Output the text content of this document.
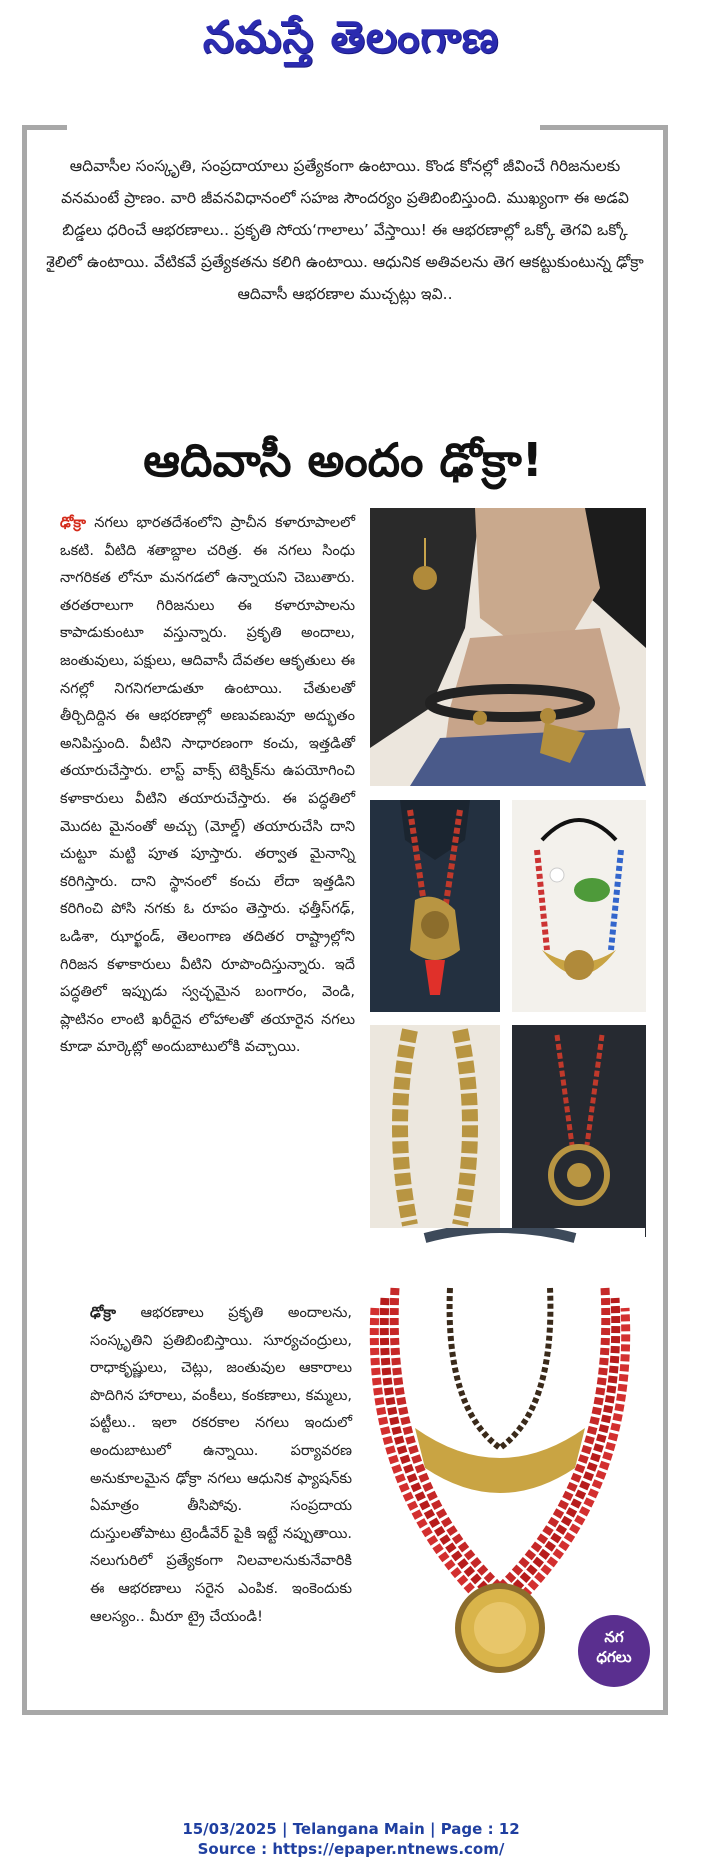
నమస్తే తెలంగాణ
ఆదివాసీల సంస్కృతి, సంప్రదాయాలు ప్రత్యేకంగా ఉంటాయి. కొండ కోనల్లో జీవించే గిరిజనులకు వనమంటే ప్రాణం. వారి జీవనవిధానంలో సహజ సౌందర్యం ప్రతిబింబిస్తుంది. ముఖ్యంగా ఈ అడవి బిడ్డలు ధరించే ఆభరణాలు.. ప్రకృతి సోయ‘గాలాలు’ వేస్తాయి! ఈ ఆభరణాల్లో ఒక్కో తెగవి ఒక్కో శైలిలో ఉంటాయి. వేటికవే ప్రత్యేకతను కలిగి ఉంటాయి. ఆధునిక అతివలను తెగ ఆకట్టుకుంటున్న ఢోక్రా ఆదివాసీ ఆభరణాల ముచ్చట్లు ఇవి..
ఆదివాసీ అందం ఢోక్రా!
ఢోక్రా నగలు భారతదేశంలోని ప్రాచీన కళారూపాలలో ఒకటి. వీటిది శతాబ్దాల చరిత్ర. ఈ నగలు సింధు నాగరికత లోనూ మనగడలో ఉన్నాయని చెబుతారు. తరతరాలుగా గిరిజనులు ఈ కళారూపాలను కాపాడుకుంటూ వస్తున్నారు. ప్రకృతి అందాలు, జంతువులు, పక్షులు, ఆదివాసీ దేవతల ఆకృతులు ఈ నగల్లో నిగనిగలాడుతూ ఉంటాయి. చేతులతో తీర్చిదిద్దిన ఈ ఆభరణాల్లో అణువణువూ అద్భుతం అనిపిస్తుంది. వీటిని సాధారణంగా కంచు, ఇత్తడితో తయారుచేస్తారు. లాస్ట్ వాక్స్ టెక్నిక్‌ను ఉపయోగించి కళాకారులు వీటిని తయారుచేస్తారు. ఈ పద్ధతిలో మొదట మైనంతో అచ్చు (మోల్డ్) తయారుచేసి దాని చుట్టూ మట్టి పూత పూస్తారు. తర్వాత మైనాన్ని కరిగిస్తారు. దాని స్థానంలో కంచు లేదా ఇత్తడిని కరిగించి పోసి నగకు ఓ రూపం తెస్తారు. ఛత్తీస్‌గఢ్, ఒడిశా, ఝార్ఖండ్, తెలంగాణ తదితర రాష్ట్రాల్లోని గిరిజన కళాకారులు వీటిని రూపొందిస్తున్నారు. ఇదే పద్ధతిలో ఇప్పుడు స్వచ్ఛమైన బంగారం, వెండి, ప్లాటినం లాంటి ఖరీదైన లోహాలతో తయారైన నగలు కూడా మార్కెట్లో అందుబాటులోకి వచ్చాయి.
ఢోక్రా ఆభరణాలు ప్రకృతి అందాలను, సంస్కృతిని ప్రతిబింబిస్తాయి. సూర్యచంద్రులు, రాధాకృష్ణులు, చెట్లు, జంతువుల ఆకారాలు పొదిగిన హారాలు, వంకీలు, కంకణాలు, కమ్మలు, పట్టీలు.. ఇలా రకరకాల నగలు ఇందులో అందుబాటులో ఉన్నాయి. పర్యావరణ అనుకూలమైన ఢోక్రా నగలు ఆధునిక ఫ్యాషన్‌కు ఏమాత్రం తీసిపోవు. సంప్రదాయ దుస్తులతోపాటు ట్రెండీవేర్ పైకి ఇట్టే నప్పుతాయి. నలుగురిలో ప్రత్యేకంగా నిలవాలనుకునేవారికి ఈ ఆభరణాలు సరైన ఎంపిక. ఇంకెందుకు ఆలస్యం.. మీరూ ట్రై చేయండి!
నగ
ధగలు
15/03/2025 | Telangana Main | Page : 12
Source : https://epaper.ntnews.com/
